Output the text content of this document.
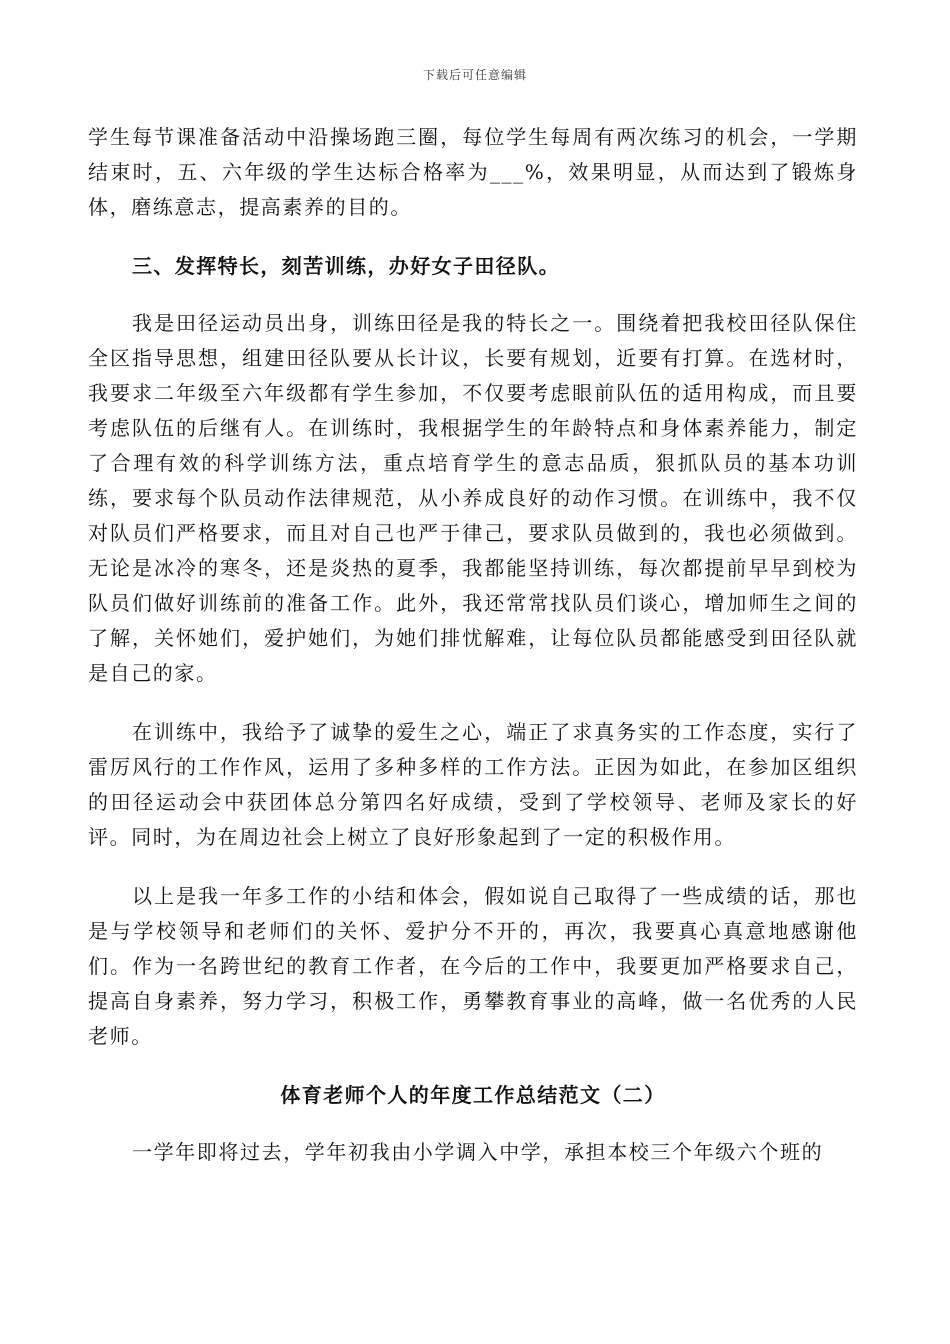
下载后可任意编辑

学生每节课准备活动中沿操场跑三圈，每位学生每周有两次练习的机会，一学期结束时，五、六年级的学生达标合格率为___%，效果明显，从而达到了锻炼身体，磨练意志，提高素养的目的。

三、发挥特长，刻苦训练，办好女子田径队。

我是田径运动员出身，训练田径是我的特长之一。围绕着把我校田径队保住全区指导思想，组建田径队要从长计议，长要有规划，近要有打算。在选材时，我要求二年级至六年级都有学生参加，不仅要考虑眼前队伍的适用构成，而且要考虑队伍的后继有人。在训练时，我根据学生的年龄特点和身体素养能力，制定了合理有效的科学训练方法，重点培育学生的意志品质，狠抓队员的基本功训练，要求每个队员动作法律规范，从小养成良好的动作习惯。在训练中，我不仅对队员们严格要求，而且对自己也严于律己，要求队员做到的，我也必须做到。无论是冰冷的寒冬，还是炎热的夏季，我都能坚持训练，每次都提前早早到校为队员们做好训练前的准备工作。此外，我还常常找队员们谈心，增加师生之间的了解，关怀她们，爱护她们，为她们排忧解难，让每位队员都能感受到田径队就是自己的家。

在训练中，我给予了诚挚的爱生之心，端正了求真务实的工作态度，实行了雷厉风行的工作作风，运用了多种多样的工作方法。正因为如此，在参加区组织的田径运动会中获团体总分第四名好成绩，受到了学校领导、老师及家长的好评。同时，为在周边社会上树立了良好形象起到了一定的积极作用。

以上是我一年多工作的小结和体会，假如说自己取得了一些成绩的话，那也是与学校领导和老师们的关怀、爱护分不开的，再次，我要真心真意地感谢他们。作为一名跨世纪的教育工作者，在今后的工作中，我要更加严格要求自己，提高自身素养，努力学习，积极工作，勇攀教育事业的高峰，做一名优秀的人民老师。

体育老师个人的年度工作总结范文（二）

一学年即将过去，学年初我由小学调入中学，承担本校三个年级六个班的
